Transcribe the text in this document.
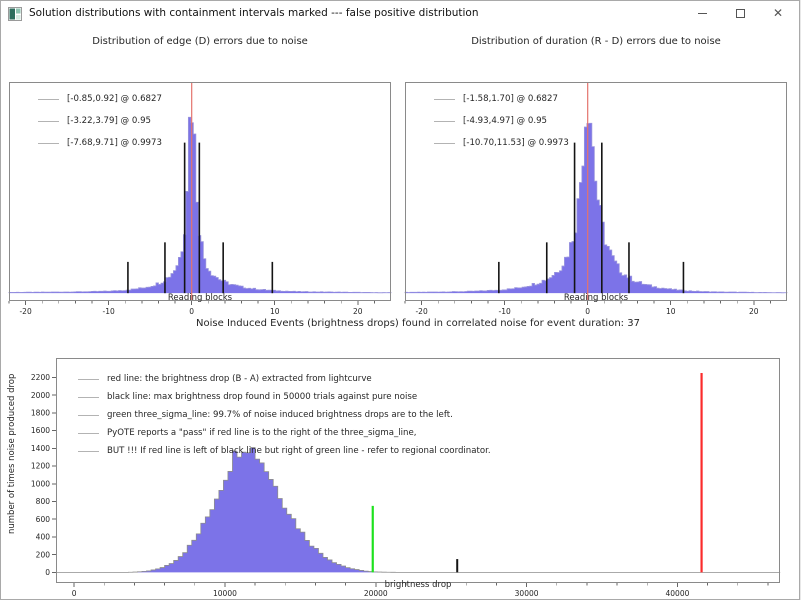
Solution distributions with containment intervals marked --- false positive distribution	✕
Distribution of edge (D) errors due to noise	Distribution of duration (R - D) errors due to noise
Noise Induced Events (brightness drops) found in correlated noise for event duration: 37
-20	-10	0	10	20	-20	-10	0	10	20
0	10000	20000	30000	40000
0
200
400
600
800
1000
1200
1400
1600
1800
2000
2200
Reading blocks	Reading blocks
brightness drop
number of times noise produced drop
[-0.85,0.92] @ 0.6827
[-3.22,3.79] @ 0.95
[-7.68,9.71] @ 0.9973
[-1.58,1.70] @ 0.6827
[-4.93,4.97] @ 0.95
[-10.70,11.53] @ 0.9973
red line: the brightness drop (B - A) extracted from lightcurve
black line: max brightness drop found in 50000 trials against pure noise
green three_sigma_line: 99.7% of noise induced brightness drops are to the left.
PyOTE reports a "pass" if red line is to the right of the three_sigma_line,
BUT !!! If red line is left of black line but right of green line - refer to regional coordinator.
